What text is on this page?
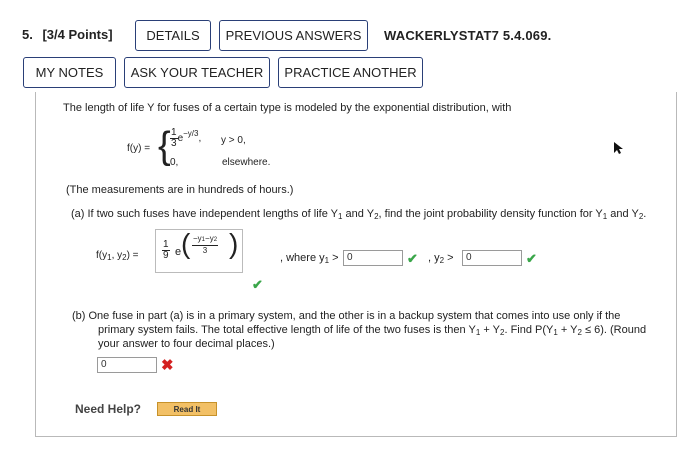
5. [3/4 Points]	DETAILS	PREVIOUS ANSWERS	WACKERLYSTAT7 5.4.069.
MY NOTES	ASK YOUR TEACHER	PRACTICE ANOTHER
The length of life Y for fuses of a certain type is modeled by the exponential distribution, with
f(y) = { $\frac{1}{3} e^{-y/3}$, y > 0,
0,	elsewhere.
(The measurements are in hundreds of hours.)
(a) If two such fuses have independent lengths of life $Y_1$ and $Y_2$, find the joint probability density function for $Y_1$ and $Y_2$.
$f(y_1$, $y_2) = \frac{1}{9}$ e ( $\frac{-y1-y2}{3}$ )
✔
, where $y_1 > 0$	✔ , $y_2$ >	0	✔
(b) One fuse in part (a) is in a primary system, and the other is in a backup system that comes into use only if the
primary system fails. The total effective length of life of the two fuses is then $Y_1 + Y_2$. Find $P(Y_1 + Y_2 \le 6)$. (Round
your answer to four decimal places.)
0	✖
Need Help?	Read It
